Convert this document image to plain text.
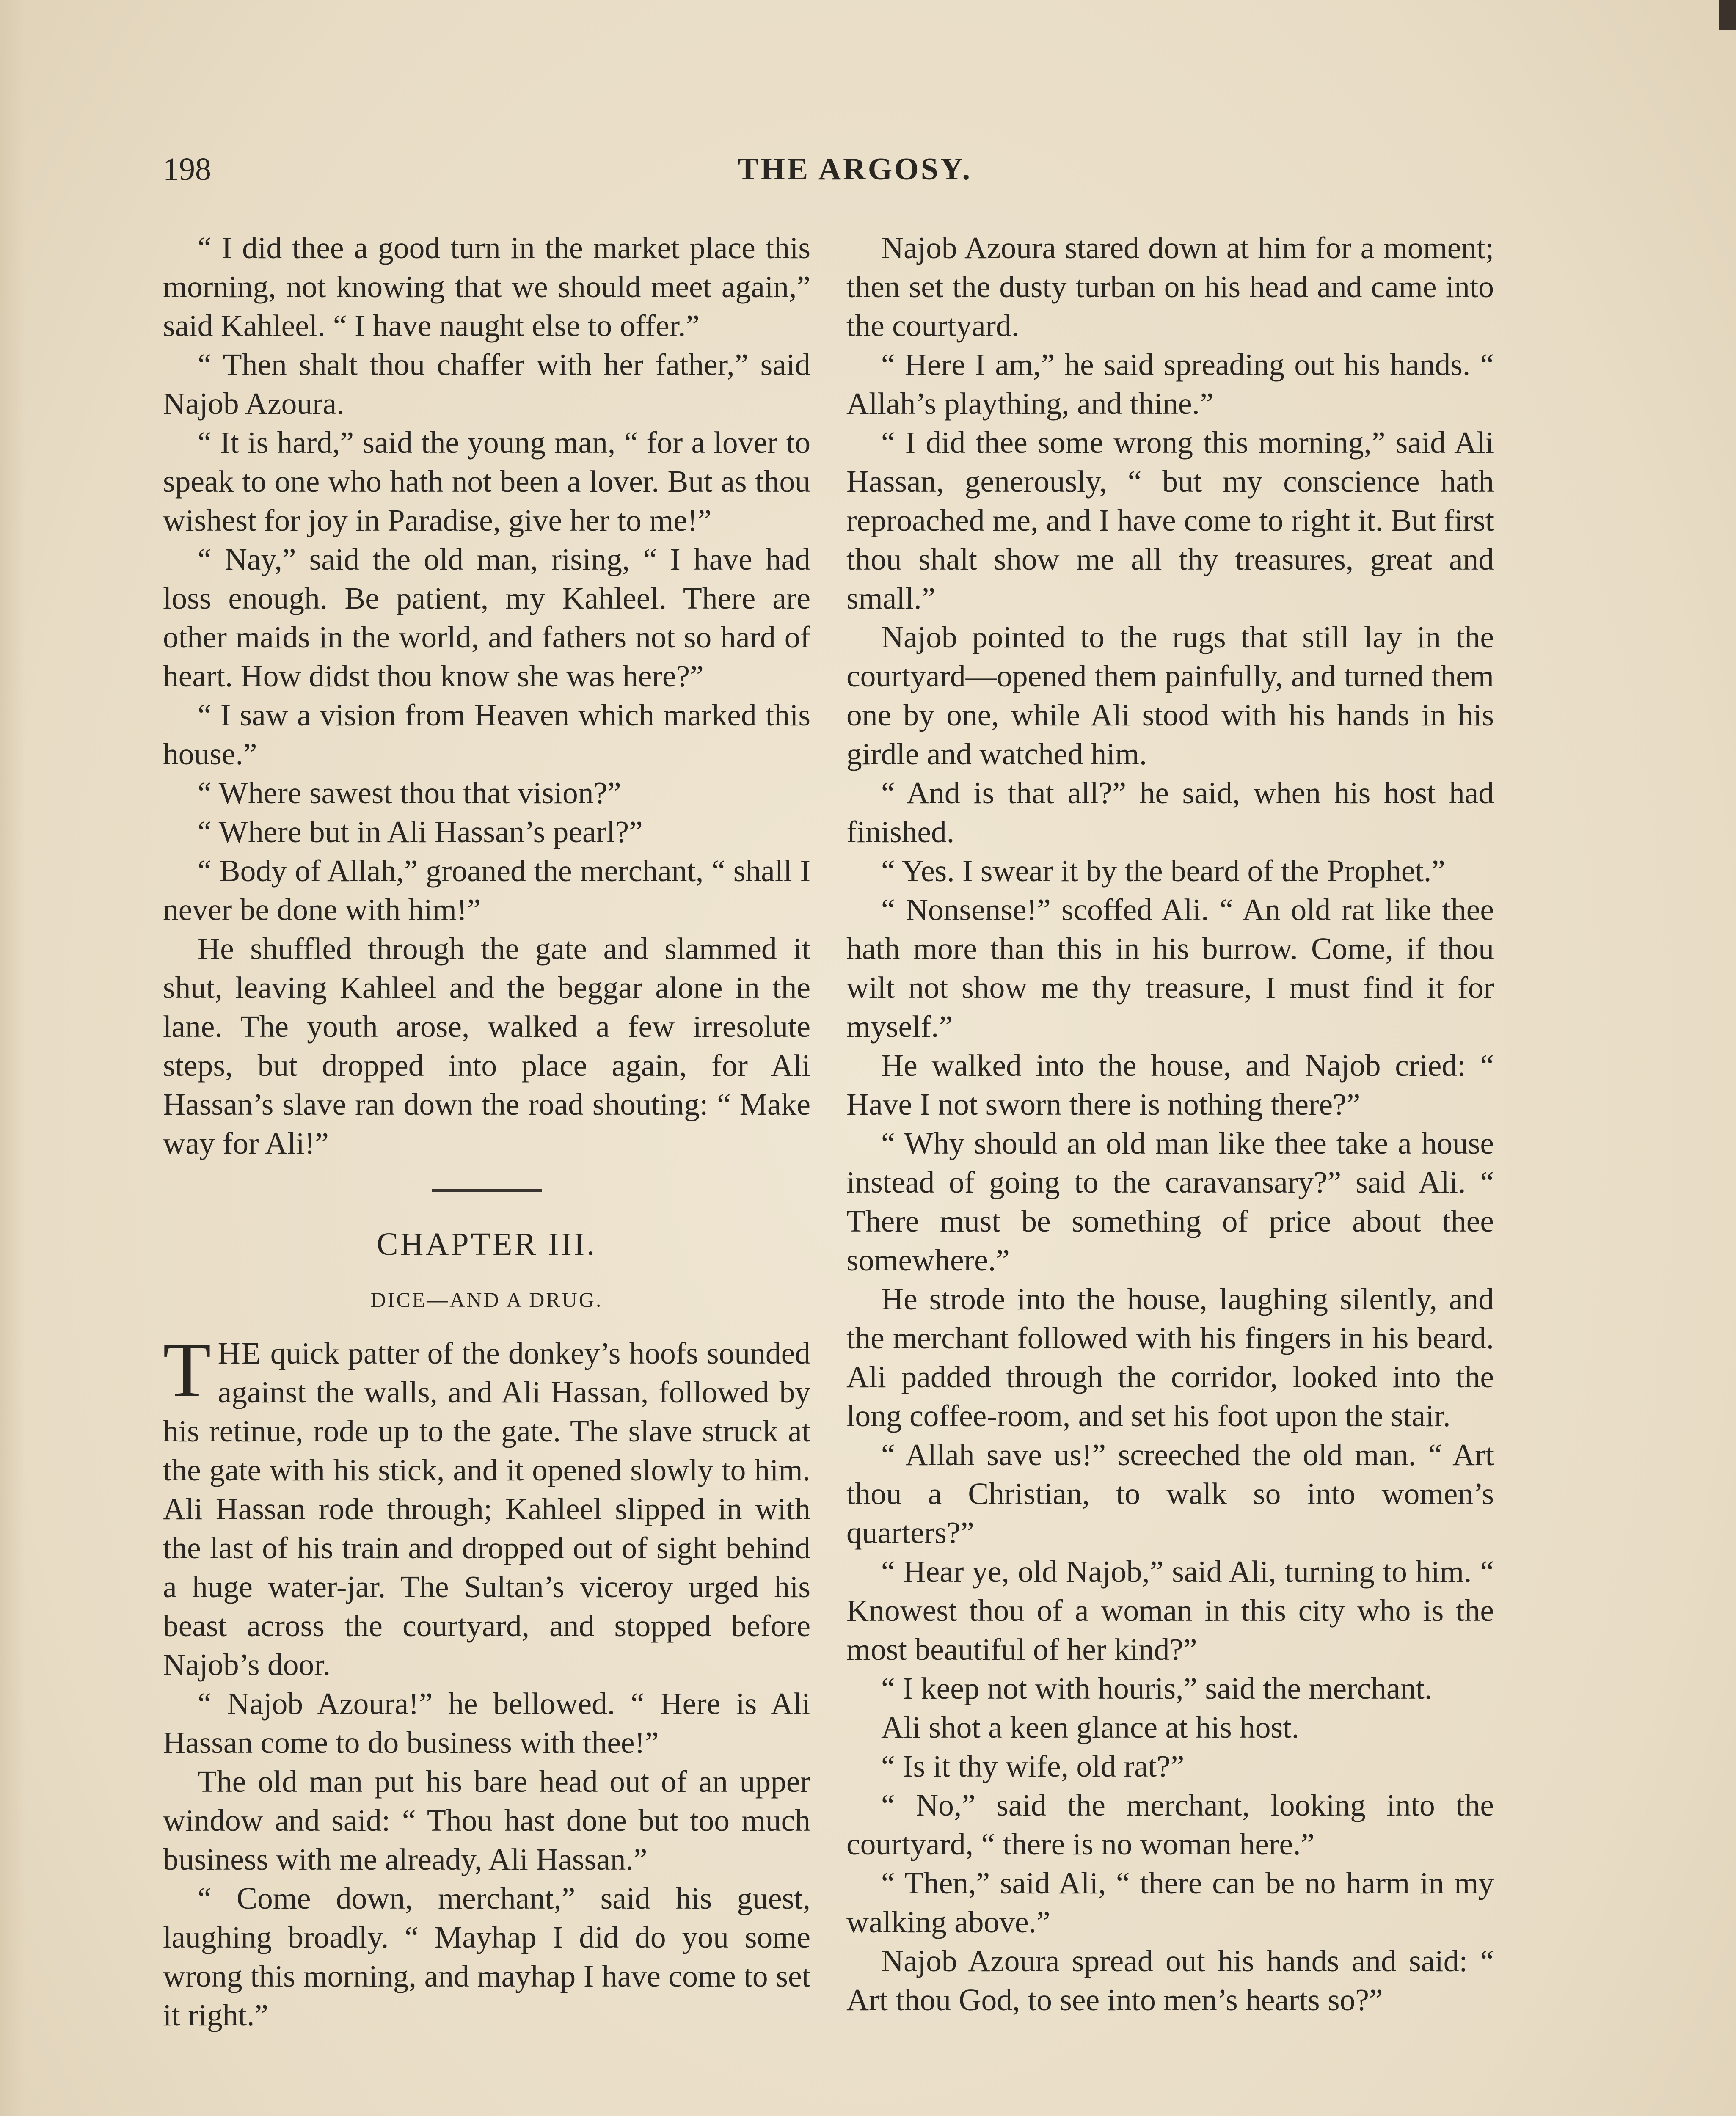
198	THE ARGOSY.

“ I did thee a good turn in the market place this morning, not knowing that we should meet again,” said Kahleel. “ I have naught else to offer.”

“ Then shalt thou chaffer with her father,” said Najob Azoura.

“ It is hard,” said the young man, “ for a lover to speak to one who hath not been a lover. But as thou wishest for joy in Paradise, give her to me!”

“ Nay,” said the old man, rising, “ I have had loss enough. Be patient, my Kahleel. There are other maids in the world, and fathers not so hard of heart. How didst thou know she was here?”

“ I saw a vision from Heaven which marked this house.”

“ Where sawest thou that vision?”

“ Where but in Ali Hassan’s pearl?”

“ Body of Allah,” groaned the merchant, “ shall I never be done with him!”

He shuffled through the gate and slammed it shut, leaving Kahleel and the beggar alone in the lane. The youth arose, walked a few irresolute steps, but dropped into place again, for Ali Hassan’s slave ran down the road shouting: “ Make way for Ali!”

CHAPTER III.
DICE—AND A DRUG.

THE quick patter of the donkey’s hoofs sounded against the walls, and Ali Hassan, followed by his retinue, rode up to the gate. The slave struck at the gate with his stick, and it opened slowly to him. Ali Hassan rode through; Kahleel slipped in with the last of his train and dropped out of sight behind a huge water-jar. The Sultan’s viceroy urged his beast across the courtyard, and stopped before Najob’s door.

“ Najob Azoura!” he bellowed. “ Here is Ali Hassan come to do business with thee!”

The old man put his bare head out of an upper window and said: “ Thou hast done but too much business with me already, Ali Hassan.”

“ Come down, merchant,” said his guest, laughing broadly. “ Mayhap I did do you some wrong this morning, and mayhap I have come to set it right.”

Najob Azoura stared down at him for a moment; then set the dusty turban on his head and came into the courtyard.

“ Here I am,” he said spreading out his hands. “ Allah’s plaything, and thine.”

“ I did thee some wrong this morning,” said Ali Hassan, generously, “ but my conscience hath reproached me, and I have come to right it. But first thou shalt show me all thy treasures, great and small.”

Najob pointed to the rugs that still lay in the courtyard—opened them painfully, and turned them one by one, while Ali stood with his hands in his girdle and watched him.

“ And is that all?” he said, when his host had finished.

“ Yes. I swear it by the beard of the Prophet.”

“ Nonsense!” scoffed Ali. “ An old rat like thee hath more than this in his burrow. Come, if thou wilt not show me thy treasure, I must find it for myself.”

He walked into the house, and Najob cried: “ Have I not sworn there is nothing there?”

“ Why should an old man like thee take a house instead of going to the caravansary?” said Ali. “ There must be something of price about thee somewhere.”

He strode into the house, laughing silently, and the merchant followed with his fingers in his beard. Ali padded through the corridor, looked into the long coffee-room, and set his foot upon the stair.

“ Allah save us!” screeched the old man. “ Art thou a Christian, to walk so into women’s quarters?”

“ Hear ye, old Najob,” said Ali, turning to him. “ Knowest thou of a woman in this city who is the most beautiful of her kind?”

“ I keep not with houris,” said the merchant.

Ali shot a keen glance at his host.

“ Is it thy wife, old rat?”

“ No,” said the merchant, looking into the courtyard, “ there is no woman here.”

“ Then,” said Ali, “ there can be no harm in my walking above.”

Najob Azoura spread out his hands and said: “ Art thou God, to see into men’s hearts so?”
